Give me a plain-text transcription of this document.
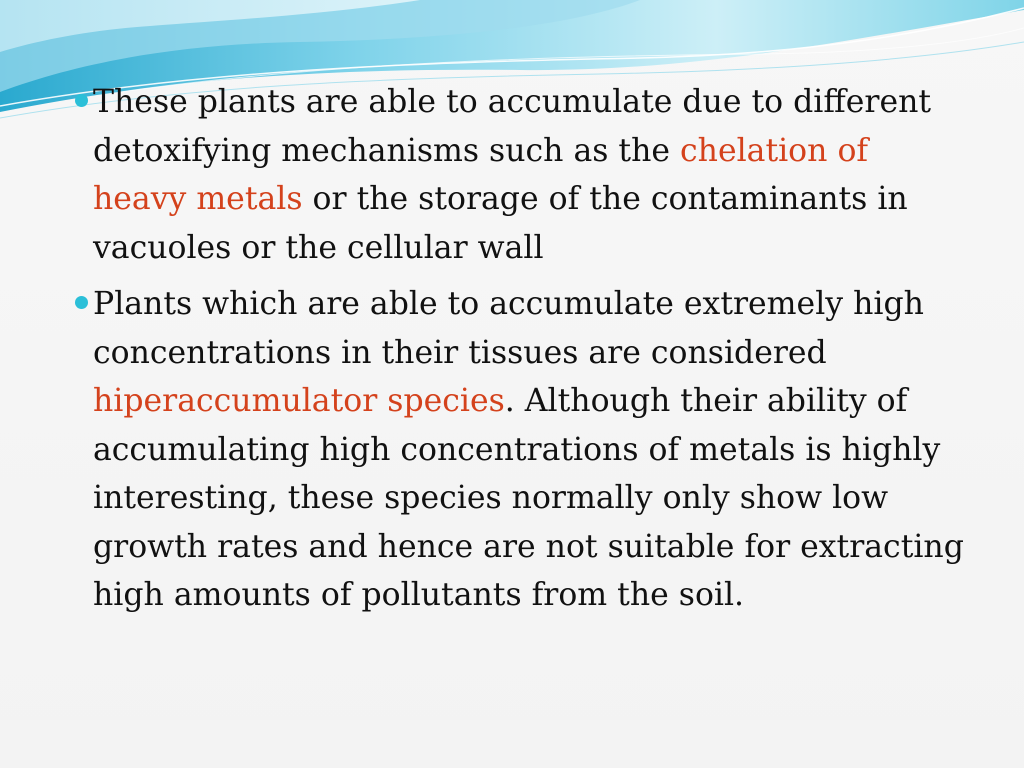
These plants are able to accumulate due to different detoxifying mechanisms such as the chelation of heavy metals or the storage of the contaminants in vacuoles or the cellular wall
Plants which are able to accumulate extremely high concentrations in their tissues are considered hiperaccumulator species. Although their ability of accumulating high concentrations of metals is highly interesting, these species normally only show low growth rates and hence are not suitable for extracting high amounts of pollutants from the soil.
